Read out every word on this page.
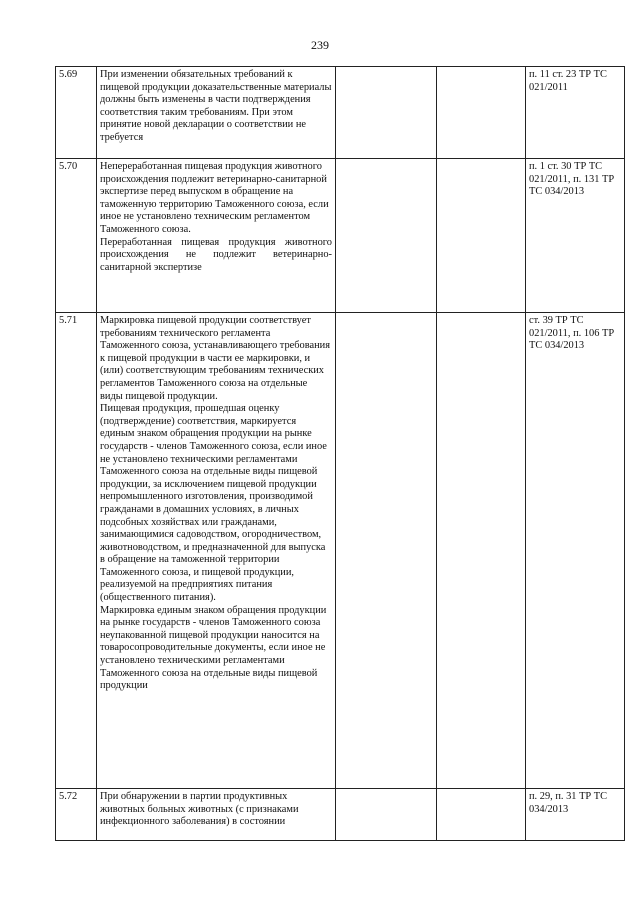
239
5.69	При изменении обязательных требований к пищевой продукции доказательственные материалы должны быть изменены в части подтверждения соответствия таким требованиям. При этом принятие новой декларации о соответствии не требуется			п. 11 ст. 23 ТР ТС 021/2011
5.70	Непереработанная пищевая продукция животного происхождения подлежит ветеринарно-санитарной экспертизе перед выпуском в обращение на таможенную территорию Таможенного союза, если иное не установлено техническим регламентом Таможенного союза.

Переработанная пищевая продукция животного происхождения не подлежит ветеринарно-санитарной экспертизе			п. 1 ст. 30 ТР ТС 021/2011, п. 131 ТР ТС 034/2013
5.71	Маркировка пищевой продукции соответствует требованиям технического регламента Таможенного союза, устанавливающего требования к пищевой продукции в части ее маркировки, и (или) соответствующим требованиям технических регламентов Таможенного союза на отдельные виды пищевой продукции.

Пищевая продукция, прошедшая оценку (подтверждение) соответствия, маркируется единым знаком обращения продукции на рынке государств - членов Таможенного союза, если иное не установлено техническими регламентами Таможенного союза на отдельные виды пищевой продукции, за исключением пищевой продукции непромышленного изготовления, производимой гражданами в домашних условиях, в личных подсобных хозяйствах или гражданами, занимающимися садоводством, огородничеством, животноводством, и предназначенной для выпуска в обращение на таможенной территории Таможенного союза, и пищевой продукции, реализуемой на предприятиях питания (общественного питания).

Маркировка единым знаком обращения продукции на рынке государств - членов Таможенного союза неупакованной пищевой продукции наносится на товаросопроводительные документы, если иное не установлено техническими регламентами Таможенного союза на отдельные виды пищевой продукции			ст. 39 ТР ТС 021/2011, п. 106 ТР ТС 034/2013
5.72	При обнаружении в партии продуктивных животных больных животных (с признаками инфекционного заболевания) в состоянии			п. 29, п. 31 ТР ТС 034/2013
